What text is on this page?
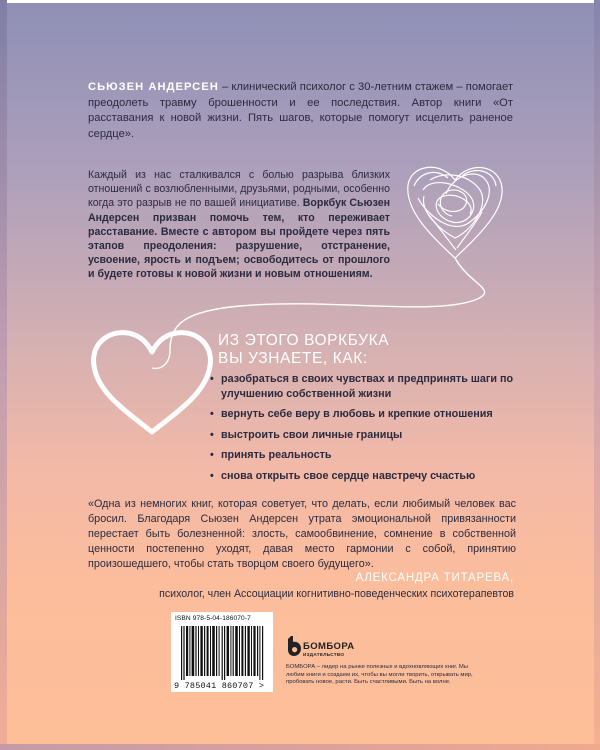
СЬЮЗЕН АНДЕРСЕН – клинический психолог с 30-летним стажем – помогает преодолеть травму брошенности и ее последствия. Автор книги «От расставания к новой жизни. Пять шагов, которые помогут исцелить раненое сердце».

Каждый из нас сталкивался с болью разрыва близких отношений с возлюбленными, друзьями, родными, особенно когда это разрыв не по вашей инициативе. Воркбук Сьюзен Андерсен призван помочь тем, кто переживает расставание. Вместе с автором вы пройдете через пять этапов преодоления: разрушение, отстранение, усвоение, ярость и подъем; освободитесь от прошлого и будете готовы к новой жизни и новым отношениям.

ИЗ ЭТОГО ВОРКБУКА
ВЫ УЗНАЕТЕ, КАК:
• разобраться в своих чувствах и предпринять шаги по улучшению собственной жизни
• вернуть себе веру в любовь и крепкие отношения
• выстроить свои личные границы
• принять реальность
• снова открыть свое сердце навстречу счастью

«Одна из немногих книг, которая советует, что делать, если любимый человек вас бросил. Благодаря Сьюзен Андерсен утрата эмоциональной привязанности перестает быть болезненной: злость, самообвинение, сомнение в собственной ценности постепенно уходят, давая место гармонии с собой, принятию произошедшего, чтобы стать творцом своего будущего».

АЛЕКСАНДРА ТИТАРЕВА,

психолог, член Ассоциации когнитивно-поведенческих психотерапевтов

ISBN 978-5-04-186070-7

9 785041 860707 >

БОМБОРА

ИЗДАТЕЛЬСТВО

БОМБОРА – лидер на рынке полезных и вдохновляющих книг. Мы любим книги и создаем их, чтобы вы могли творить, открывать мир, пробовать новое, расти. Быть счастливыми. Быть на волне.
